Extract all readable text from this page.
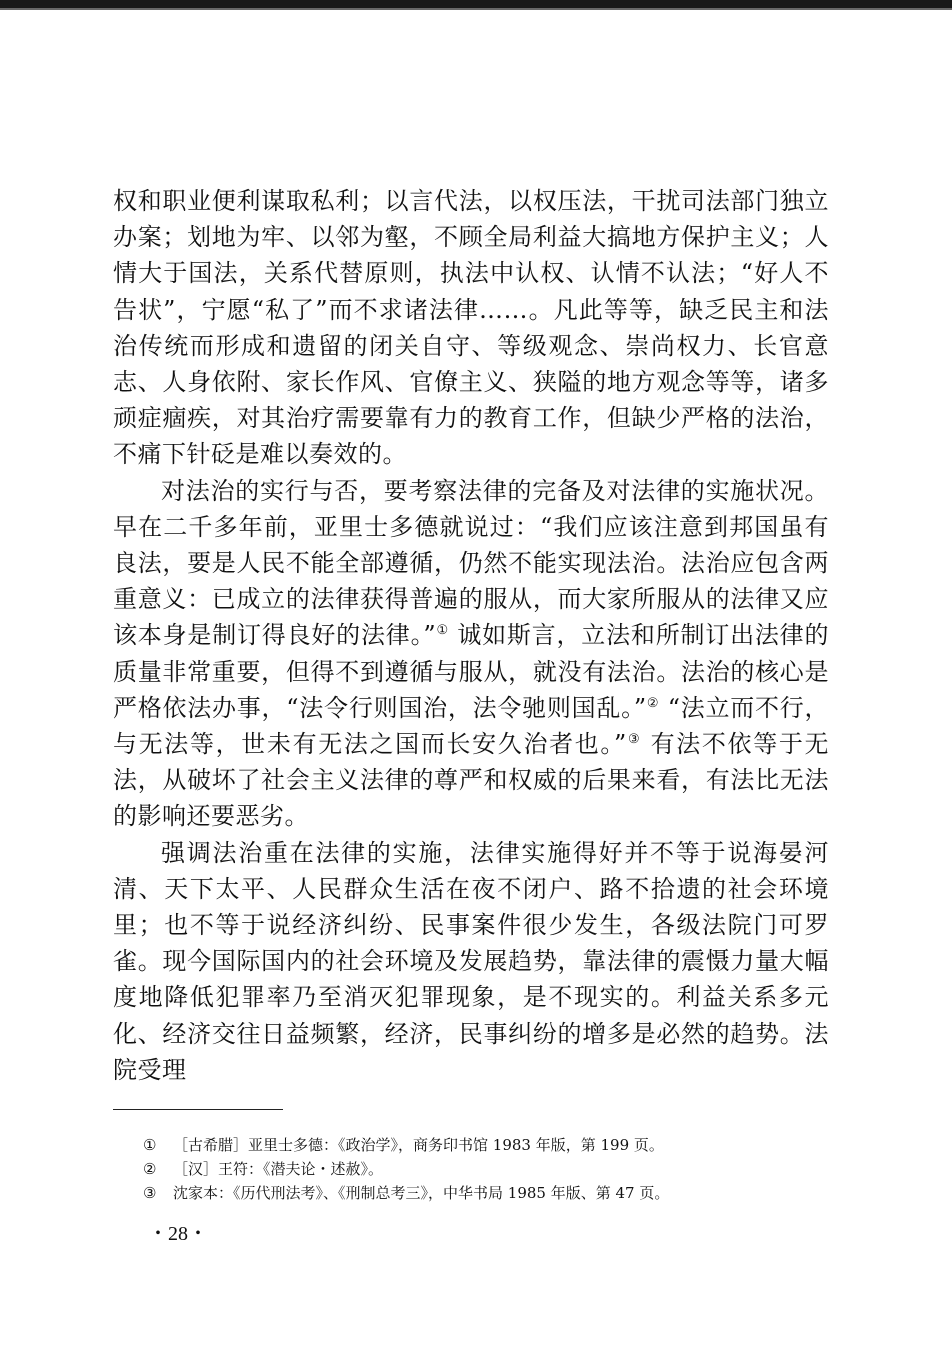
权和职业便利谋取私利；以言代法，以权压法，干扰司法部门独立办案；划地为牢、以邻为壑，不顾全局利益大搞地方保护主义；人情大于国法，关系代替原则，执法中认权、认情不认法；“好人不告状”，宁愿“私了”而不求诸法律……。凡此等等，缺乏民主和法治传统而形成和遗留的闭关自守、等级观念、崇尚权力、长官意志、人身依附、家长作风、官僚主义、狭隘的地方观念等等，诸多顽症痼疾，对其治疗需要靠有力的教育工作，但缺少严格的法治，不痛下针砭是难以奏效的。

对法治的实行与否，要考察法律的完备及对法律的实施状况。早在二千多年前，亚里士多德就说过：“我们应该注意到邦国虽有良法，要是人民不能全部遵循，仍然不能实现法治。法治应包含两重意义：已成立的法律获得普遍的服从，而大家所服从的法律又应该本身是制订得良好的法律。”① 诚如斯言，立法和所制订出法律的质量非常重要，但得不到遵循与服从，就没有法治。法治的核心是严格依法办事，“法令行则国治，法令驰则国乱。”② “法立而不行，与无法等，世未有无法之国而长安久治者也。”③ 有法不依等于无法，从破坏了社会主义法律的尊严和权威的后果来看，有法比无法的影响还要恶劣。

强调法治重在法律的实施，法律实施得好并不等于说海晏河清、天下太平、人民群众生活在夜不闭户、路不拾遗的社会环境里；也不等于说经济纠纷、民事案件很少发生，各级法院门可罗雀。现今国际国内的社会环境及发展趋势，靠法律的震慑力量大幅度地降低犯罪率乃至消灭犯罪现象，是不现实的。利益关系多元化、经济交往日益频繁，经济，民事纠纷的增多是必然的趋势。法院受理

① ［古希腊］亚里士多德：《政治学》，商务印书馆 1983 年版，第 199 页。

② ［汉］王符：《潜夫论・述赦》。

③ 沈家本：《历代刑法考》、《刑制总考三》，中华书局 1985 年版、第 47 页。

・28・
